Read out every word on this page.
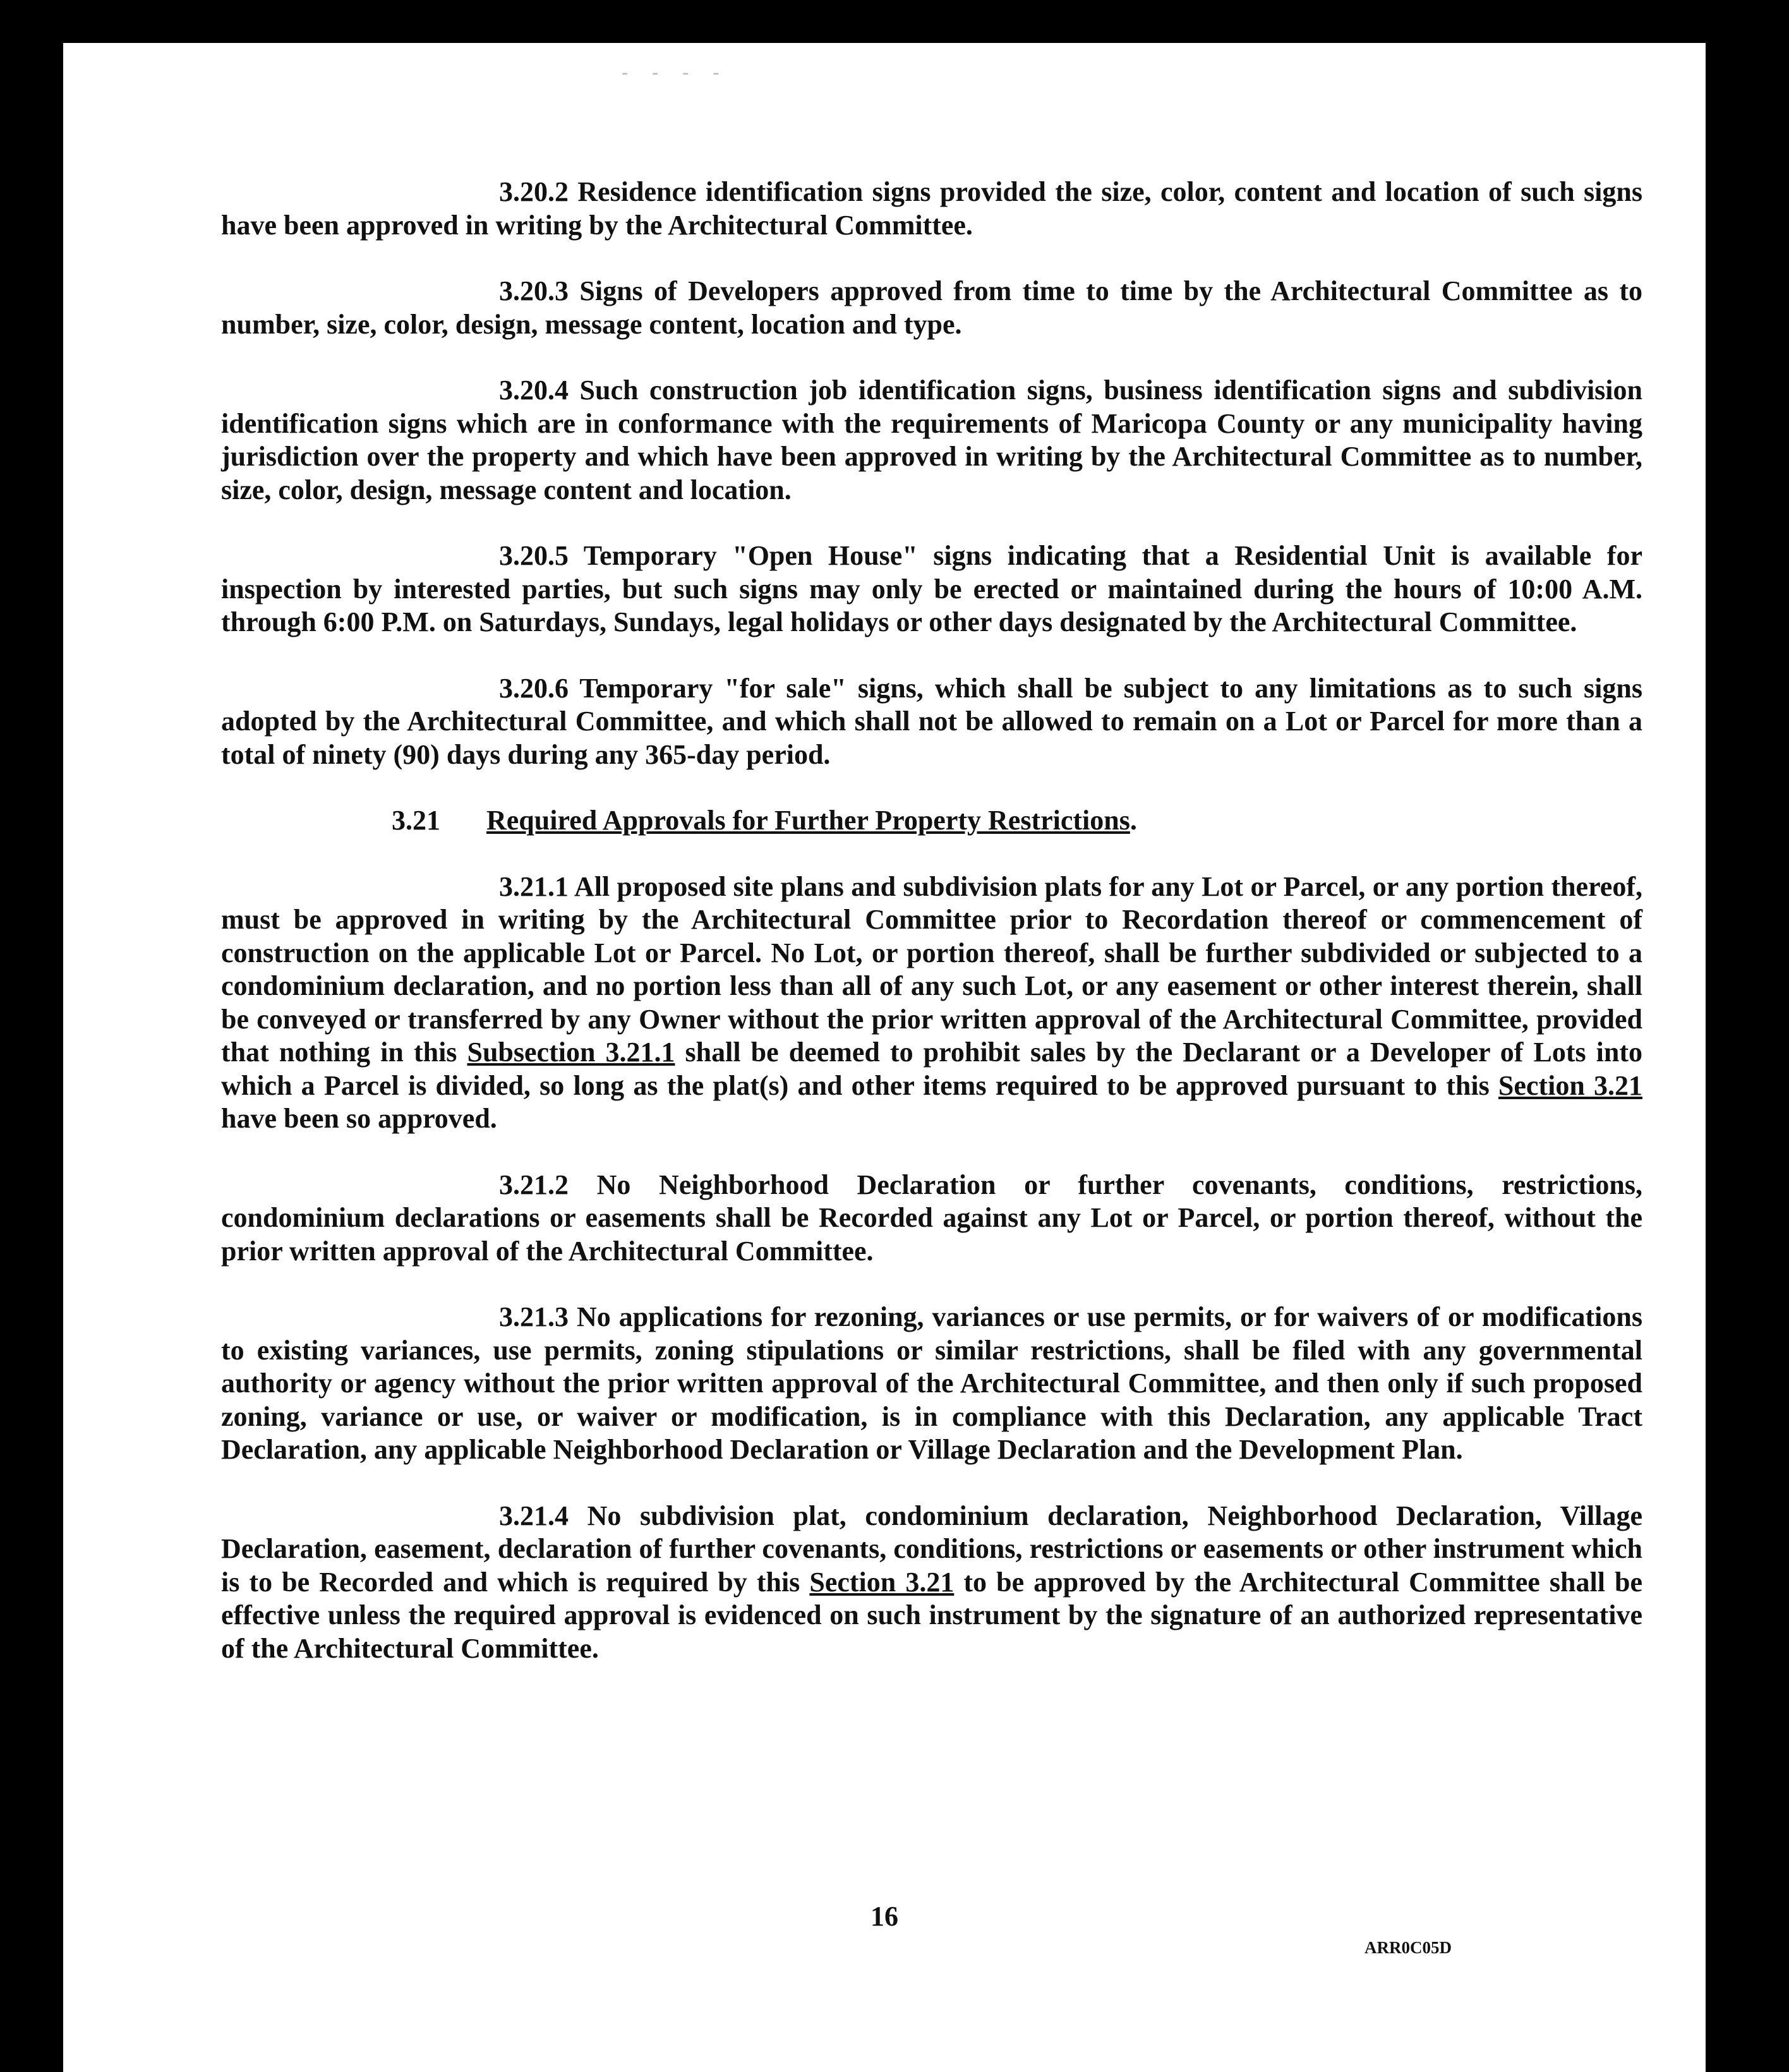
- - - -

3.20.2 Residence identification signs provided the size, color, content and location of such signs have been approved in writing by the Architectural Committee.

3.20.3 Signs of Developers approved from time to time by the Architectural Committee as to number, size, color, design, message content, location and type.

3.20.4 Such construction job identification signs, business identification signs and subdivision identification signs which are in conformance with the requirements of Maricopa County or any municipality having jurisdiction over the property and which have been approved in writing by the Architectural Committee as to number, size, color, design, message content and location.

3.20.5 Temporary "Open House" signs indicating that a Residential Unit is available for inspection by interested parties, but such signs may only be erected or maintained during the hours of 10:00 A.M. through 6:00 P.M. on Saturdays, Sundays, legal holidays or other days designated by the Architectural Committee.

3.20.6 Temporary "for sale" signs, which shall be subject to any limitations as to such signs adopted by the Architectural Committee, and which shall not be allowed to remain on a Lot or Parcel for more than a total of ninety (90) days during any 365-day period.

3.21 Required Approvals for Further Property Restrictions.

3.21.1 All proposed site plans and subdivision plats for any Lot or Parcel, or any portion thereof, must be approved in writing by the Architectural Committee prior to Recordation thereof or commencement of construction on the applicable Lot or Parcel. No Lot, or portion thereof, shall be further subdivided or subjected to a condominium declaration, and no portion less than all of any such Lot, or any easement or other interest therein, shall be conveyed or transferred by any Owner without the prior written approval of the Architectural Committee, provided that nothing in this Subsection 3.21.1 shall be deemed to prohibit sales by the Declarant or a Developer of Lots into which a Parcel is divided, so long as the plat(s) and other items required to be approved pursuant to this Section 3.21 have been so approved.

3.21.2 No Neighborhood Declaration or further covenants, conditions, restrictions, condominium declarations or easements shall be Recorded against any Lot or Parcel, or portion thereof, without the prior written approval of the Architectural Committee.

3.21.3 No applications for rezoning, variances or use permits, or for waivers of or modifications to existing variances, use permits, zoning stipulations or similar restrictions, shall be filed with any governmental authority or agency without the prior written approval of the Architectural Committee, and then only if such proposed zoning, variance or use, or waiver or modification, is in compliance with this Declaration, any applicable Tract Declaration, any applicable Neighborhood Declaration or Village Declaration and the Development Plan.

3.21.4 No subdivision plat, condominium declaration, Neighborhood Declaration, Village Declaration, easement, declaration of further covenants, conditions, restrictions or easements or other instrument which is to be Recorded and which is required by this Section 3.21 to be approved by the Architectural Committee shall be effective unless the required approval is evidenced on such instrument by the signature of an authorized representative of the Architectural Committee.

16
ARR0C05D
